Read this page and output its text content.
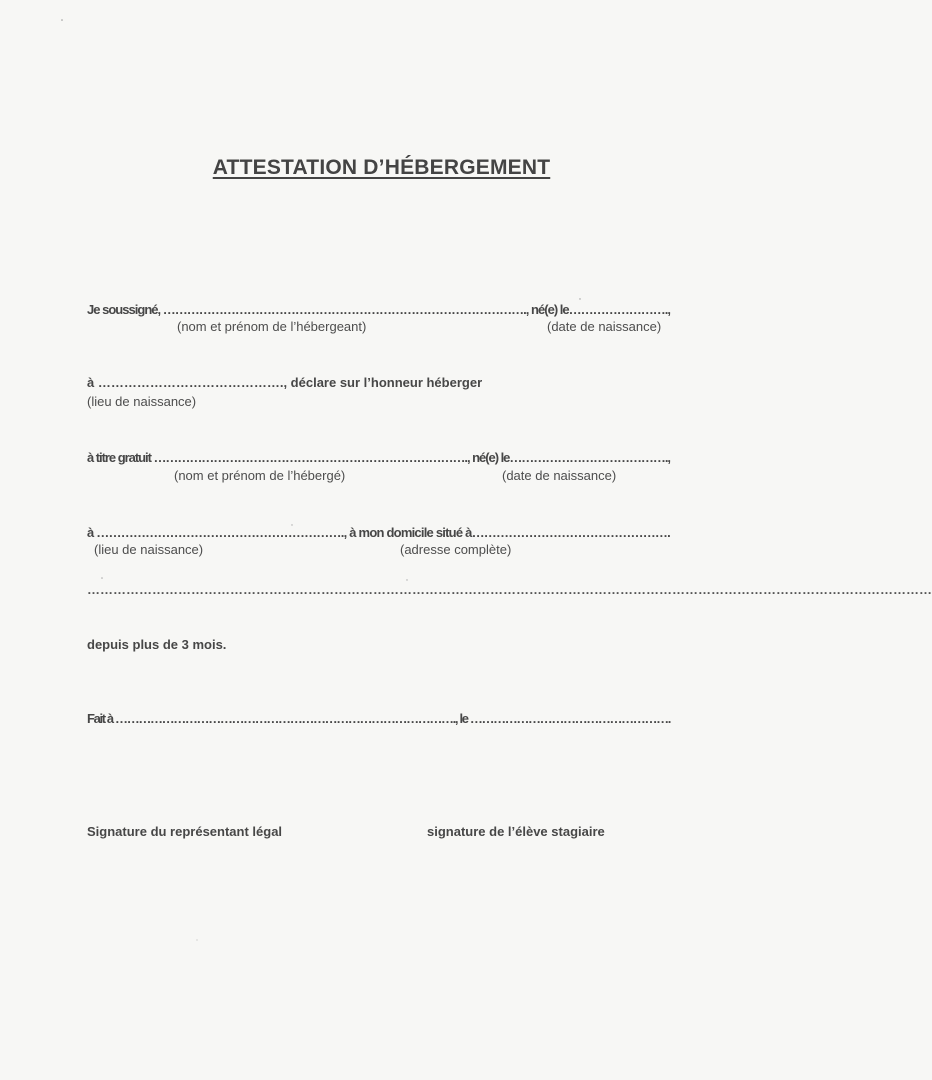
ATTESTATION D’HÉBERGEMENT
Je soussigné, ………………………………………………………………………………., né(e) le…………………….,
(nom et prénom de l’hébergeant)	(date de naissance)
à ……………………………………., déclare sur l’honneur héberger
(lieu de naissance)
à titre gratuit ……………………………………………………………………., né(e) le………………………………….,
(nom et prénom de l’hébergé)	(date de naissance)
à ……………………………………………………., à mon domicile situé à………………………………………….
(lieu de naissance)	(adresse complète)
……………………………………………………………………………………………………………………………………………………………………………
depuis plus de 3 mois.
Fait à ……………………………………………………………………………., le …………………………………………….
Signature du représentant légal	signature de l’élève stagiaire
